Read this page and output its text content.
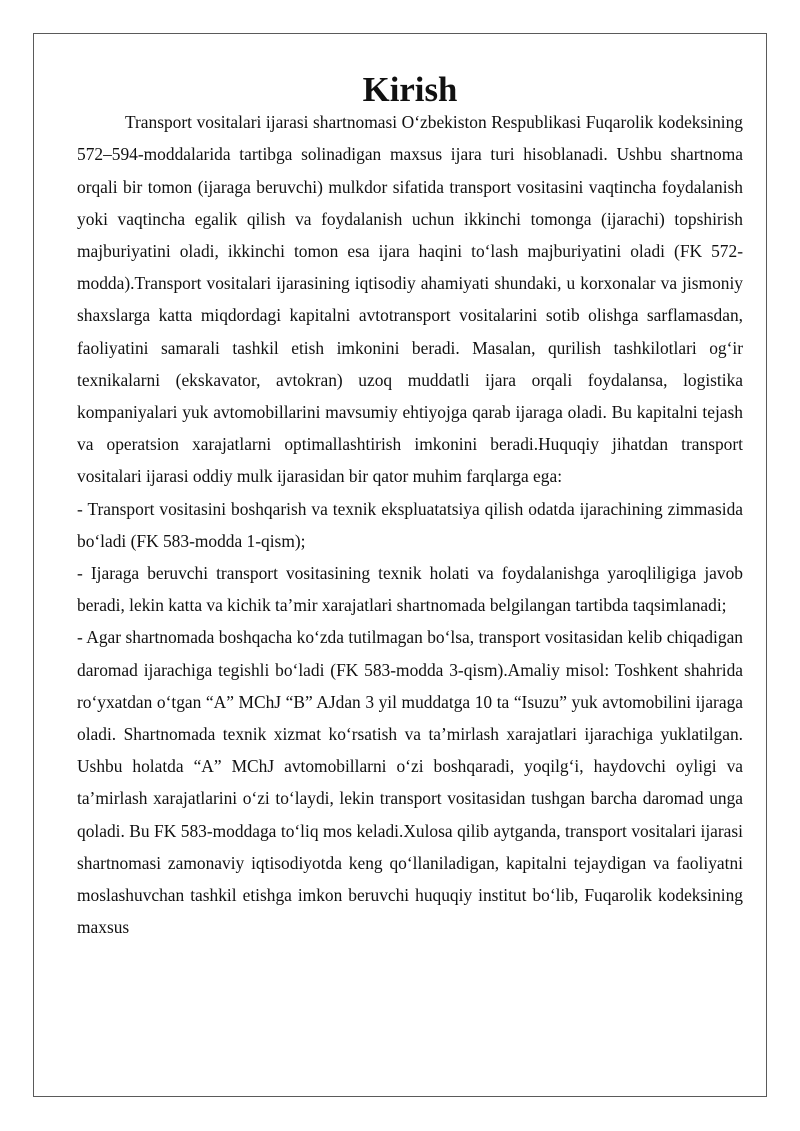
Kirish

Transport vositalari ijarasi shartnomasi O‘zbekiston Respublikasi Fuqarolik kodeksining 572–594-moddalarida tartibga solinadigan maxsus ijara turi hisoblanadi. Ushbu shartnoma orqali bir tomon (ijaraga beruvchi) mulkdor sifatida transport vositasini vaqtincha foydalanish yoki vaqtincha egalik qilish va foydalanish uchun ikkinchi tomonga (ijarachi) topshirish majburiyatini oladi, ikkinchi tomon esa ijara haqini to‘lash majburiyatini oladi (FK 572-modda).Transport vositalari ijarasining iqtisodiy ahamiyati shundaki, u korxonalar va jismoniy shaxslarga katta miqdordagi kapitalni avtotransport vositalarini sotib olishga sarflamasdan, faoliyatini samarali tashkil etish imkonini beradi. Masalan, qurilish tashkilotlari og‘ir texnikalarni (ekskavator, avtokran) uzoq muddatli ijara orqali foydalansa, logistika kompaniyalari yuk avtomobillarini mavsumiy ehtiyojga qarab ijaraga oladi. Bu kapitalni tejash va operatsion xarajatlarni optimallashtirish imkonini beradi.Huquqiy jihatdan transport vositalari ijarasi oddiy mulk ijarasidan bir qator muhim farqlarga ega:

- Transport vositasini boshqarish va texnik ekspluatatsiya qilish odatda ijarachining zimmasida bo‘ladi (FK 583-modda 1-qism);

- Ijaraga beruvchi transport vositasining texnik holati va foydalanishga yaroqliligiga javob beradi, lekin katta va kichik ta’mir xarajatlari shartnomada belgilangan tartibda taqsimlanadi;

- Agar shartnomada boshqacha ko‘zda tutilmagan bo‘lsa, transport vositasidan kelib chiqadigan daromad ijarachiga tegishli bo‘ladi (FK 583-modda 3-qism).Amaliy misol: Toshkent shahrida ro‘yxatdan o‘tgan “A” MChJ “B” AJdan 3 yil muddatga 10 ta “Isuzu” yuk avtomobilini ijaraga oladi. Shartnomada texnik xizmat ko‘rsatish va ta’mirlash xarajatlari ijarachiga yuklatilgan. Ushbu holatda “A” MChJ avtomobillarni o‘zi boshqaradi, yoqilg‘i, haydovchi oyligi va ta’mirlash xarajatlarini o‘zi to‘laydi, lekin transport vositasidan tushgan barcha daromad unga qoladi. Bu FK 583-moddaga to‘liq mos keladi.Xulosa qilib aytganda, transport vositalari ijarasi shartnomasi zamonaviy iqtisodiyotda keng qo‘llaniladigan, kapitalni tejaydigan va faoliyatni moslashuvchan tashkil etishga imkon beruvchi huquqiy institut bo‘lib, Fuqarolik kodeksining maxsus
